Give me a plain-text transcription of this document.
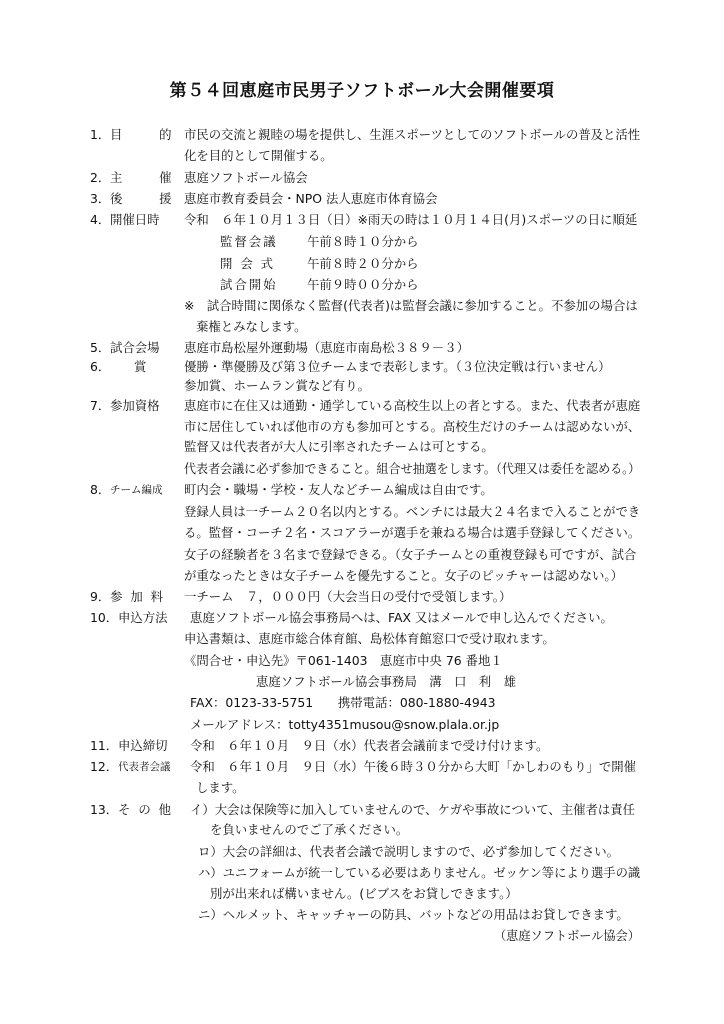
第５４回恵庭市民男子ソフトボール大会開催要項
1． 目　　的 市民の交流と親睦の場を提供し、生涯スポーツとしてのソフトボールの普及と活性
化を目的として開催する。
2． 主　　催 恵庭ソフトボール協会
3． 後　　援 恵庭市教育委員会・NPO 法人恵庭市体育協会
4． 開催日時 令和　６年１０月１３日（日）※雨天の時は１０月１４日(月)スポーツの日に順延
監督会議 午前８時１０分から
開 会 式	午前８時２０分から
試合開始 午前９時００分から
※　試合時間に関係なく監督(代表者)は監督会議に参加すること。不参加の場合は
棄権とみなします。
5． 試合会場 恵庭市島松屋外運動場（恵庭市南島松３８９－３）
6． 賞	優勝・準優勝及び第３位チームまで表彰します。（３位決定戦は行いません）
参加賞、ホームラン賞など有り。
7． 参加資格 恵庭市に在住又は通勤・通学している高校生以上の者とする。また、代表者が恵庭
市に居住していれば他市の方も参加可とする。高校生だけのチームは認めないが、
監督又は代表者が大人に引率されたチームは可とする。
代表者会議に必ず参加できること。組合せ抽選をします。（代理又は委任を認める。）
8． チーム編成 町内会・職場・学校・友人などチーム編成は自由です。
登録人員は一チーム２０名以内とする。ベンチには最大２４名まで入ることができ
る。監督・コーチ２名・スコアラーが選手を兼ねる場合は選手登録してください。
女子の経験者を３名まで登録できる。（女子チームとの重複登録も可ですが、試合
が重なったときは女子チームを優先すること。女子のピッチャーは認めない。）
9． 参 加 料 一チーム　７，０００円（大会当日の受付で受領します。）
10． 申込方法 恵庭ソフトボール協会事務局へは、FAX 又はメールで申し込んでください。
申込書類は、恵庭市総合体育館、島松体育館窓口で受け取れます。
《問合せ・申込先》〒061-1403　恵庭市中央 76 番地１
恵庭ソフトボール協会事務局　溝　口　利　雄
FAX：0123-33-5751　　携帯電話：080-1880-4943
メールアドレス：totty4351musou@snow.plala.or.jp
11． 申込締切 令和　６年１０月　９日（水）代表者会議前まで受け付けます。
12． 代表者会議 令和　６年１０月　９日（水）午後６時３０分から大町「かしわのもり」で開催
します。
13． そ の 他 イ）大会は保険等に加入していませんので、ケガや事故について、主催者は責任
を負いませんのでご了承ください。
ロ）大会の詳細は、代表者会議で説明しますので、必ず参加してください。
ハ）ユニフォームが統一している必要はありません。ゼッケン等により選手の識
別が出来れば構いません。(ビブスをお貸しできます。）
ニ）ヘルメット、キャッチャーの防具、バットなどの用品はお貸しできます。
（恵庭ソフトボール協会）
